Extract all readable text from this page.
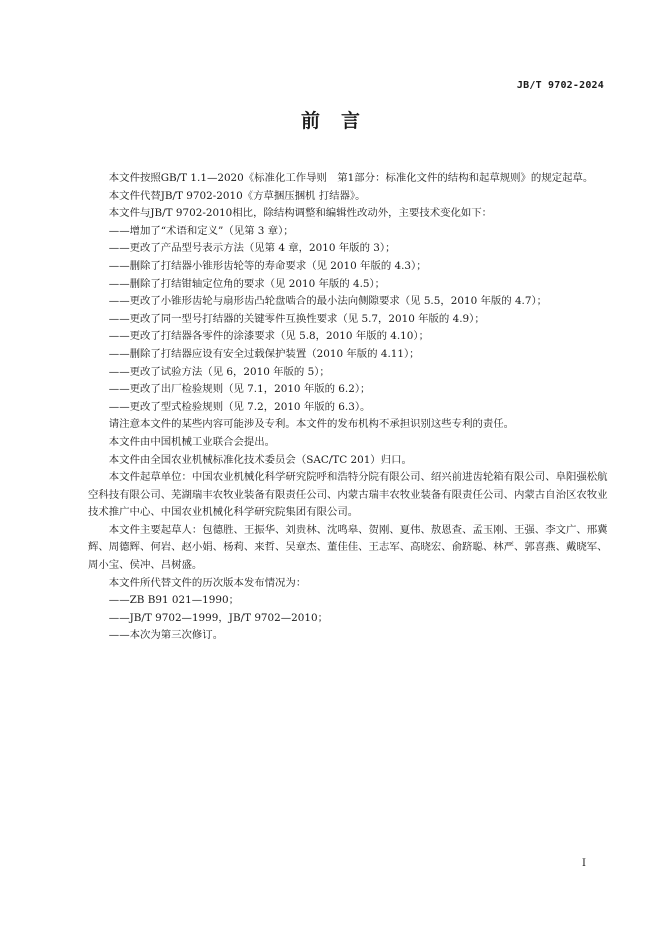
JB/T 9702-2024
前　言

本文件按照GB/T 1.1—2020《标准化工作导则　第1部分：标准化文件的结构和起草规则》的规定起草。

本文件代替JB/T 9702-2010《方草捆压捆机 打结器》。

本文件与JB/T 9702-2010相比，除结构调整和编辑性改动外，主要技术变化如下：

——增加了“术语和定义”（见第 3 章）；

——更改了产品型号表示方法（见第 4 章，2010 年版的 3）；

——删除了打结器小锥形齿轮等的寿命要求（见 2010 年版的 4.3）；

——删除了打结钳轴定位角的要求（见 2010 年版的 4.5）；

——更改了小锥形齿轮与扇形齿凸轮盘啮合的最小法向侧隙要求（见 5.5，2010 年版的 4.7）；

——更改了同一型号打结器的关键零件互换性要求（见 5.7，2010 年版的 4.9）；

——更改了打结器各零件的涂漆要求（见 5.8，2010 年版的 4.10）；

——删除了打结器应设有安全过载保护装置（2010 年版的 4.11）；

——更改了试验方法（见 6，2010 年版的 5）；

——更改了出厂检验规则（见 7.1，2010 年版的 6.2）；

——更改了型式检验规则（见 7.2，2010 年版的 6.3）。

请注意本文件的某些内容可能涉及专利。本文件的发布机构不承担识别这些专利的责任。

本文件由中国机械工业联合会提出。

本文件由全国农业机械标准化技术委员会（SAC/TC 201）归口。

本文件起草单位：中国农业机械化科学研究院呼和浩特分院有限公司、绍兴前进齿轮箱有限公司、阜阳强松航空科技有限公司、芜湖瑞丰农牧业装备有限责任公司、内蒙古瑞丰农牧业装备有限责任公司、内蒙古自治区农牧业技术推广中心、中国农业机械化科学研究院集团有限公司。

本文件主要起草人：包德胜、王振华、刘贵林、沈鸣皋、贺刚、夏伟、敖恩查、孟玉刚、王强、李文广、邢冀辉、周德辉、何岩、赵小娟、杨莉、来哲、吴章杰、董佳佳、王志军、高晓宏、俞跻聪、林严、郭喜燕、戴晓军、周小宝、侯冲、吕树盛。

本文件所代替文件的历次版本发布情况为：

——ZB B91 021—1990；

——JB/T 9702—1999，JB/T 9702—2010；

——本次为第三次修订。

I
